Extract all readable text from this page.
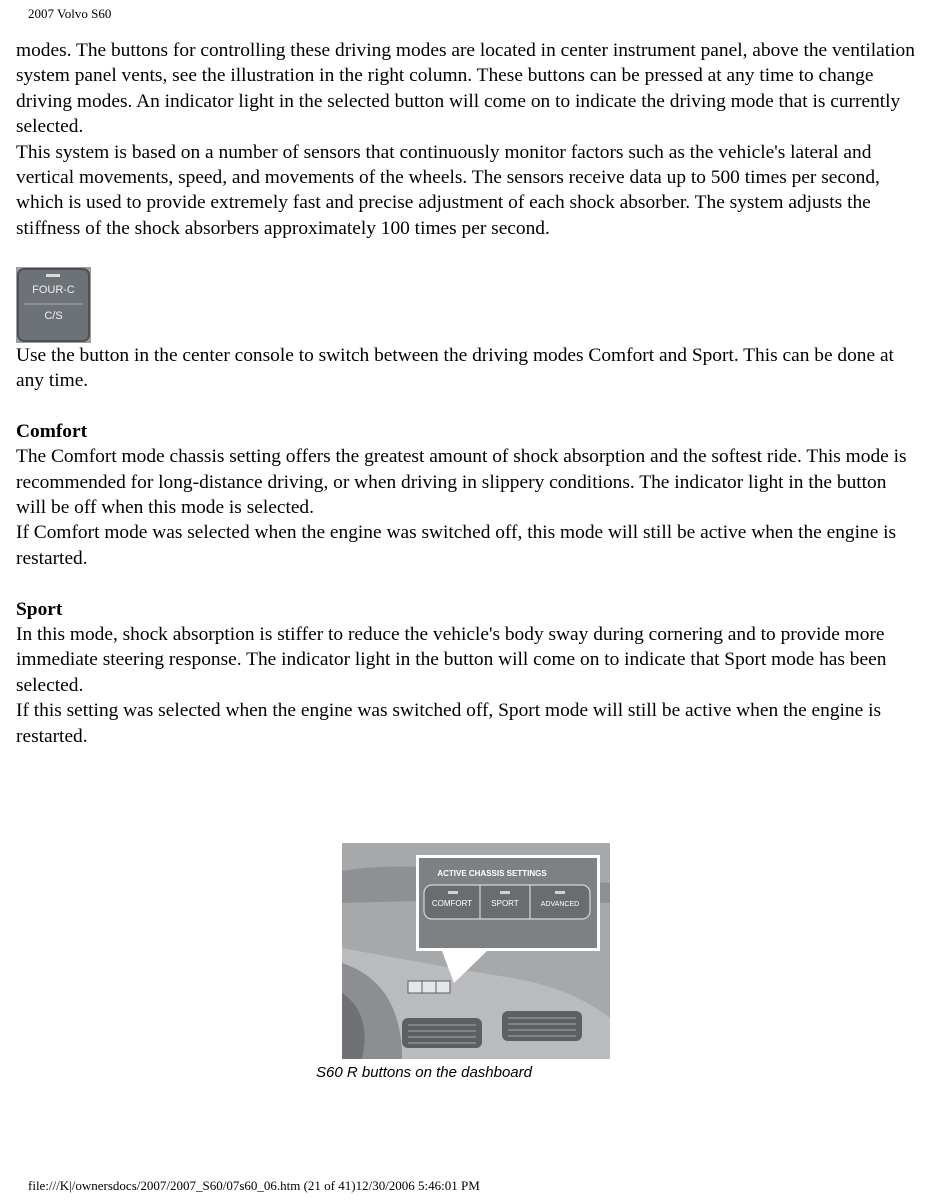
2007 Volvo S60

modes. The buttons for controlling these driving modes are located in center instrument panel, above the ventilation system panel vents, see the illustration in the right column. These buttons can be pressed at any time to change driving modes. An indicator light in the selected button will come on to indicate the driving mode that is currently selected.

This system is based on a number of sensors that continuously monitor factors such as the vehicle's lateral and vertical movements, speed, and movements of the wheels. The sensors receive data up to 500 times per second, which is used to provide extremely fast and precise adjustment of each shock absorber. The system adjusts the stiffness of the shock absorbers approximately 100 times per second.

FOUR-C
C/S

Use the button in the center console to switch between the driving modes Comfort and Sport. This can be done at any time.

Comfort

The Comfort mode chassis setting offers the greatest amount of shock absorption and the softest ride. This mode is recommended for long-distance driving, or when driving in slippery conditions. The indicator light in the button will be off when this mode is selected.

If Comfort mode was selected when the engine was switched off, this mode will still be active when the engine is restarted.

Sport

In this mode, shock absorption is stiffer to reduce the vehicle's body sway during cornering and to provide more immediate steering response. The indicator light in the button will come on to indicate that Sport mode has been selected.

If this setting was selected when the engine was switched off, Sport mode will still be active when the engine is restarted.

ACTIVE CHASSIS SETTINGS
COMFORT SPORT	ADVANCED
S60 R buttons on the dashboard
file:///K|/ownersdocs/2007/2007_S60/07s60_06.htm (21 of 41)12/30/2006 5:46:01 PM
